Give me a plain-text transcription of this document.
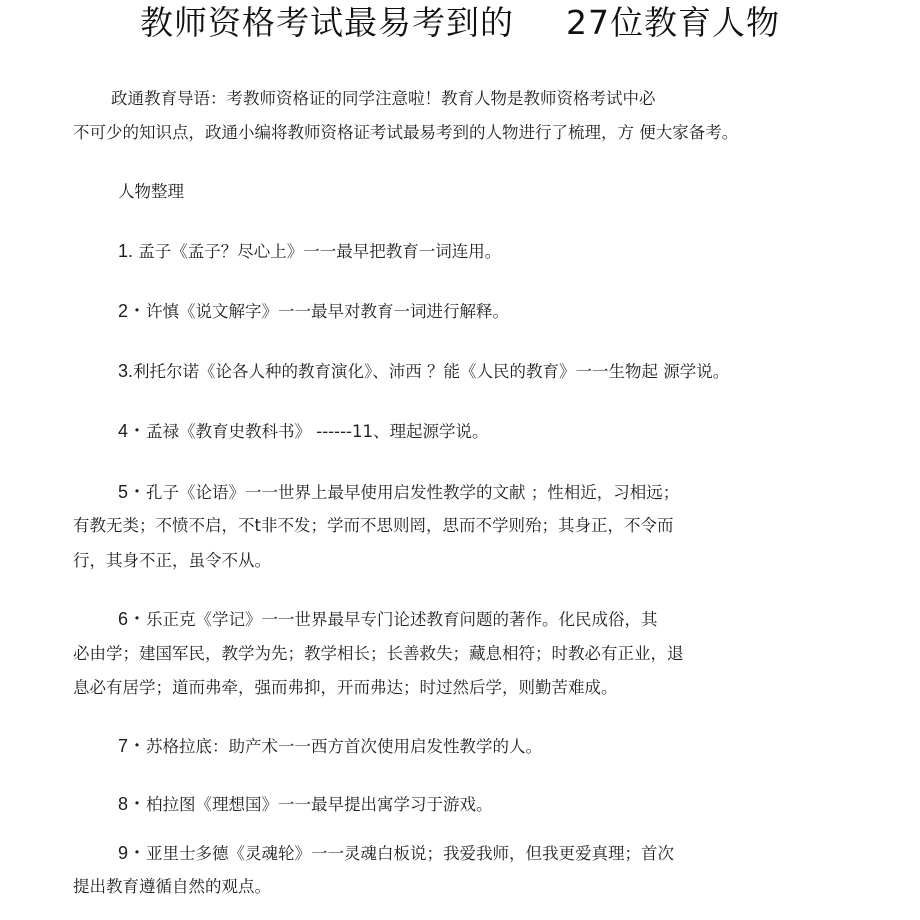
教师资格考试最易考到的 27位教育人物
政通教育导语：考教师资格证的同学注意啦！教育人物是教师资格考试中必
不可少的知识点，政通小编将教师资格证考试最易考到的人物进行了梳理，方 便大家备考。
人物整理
1. 孟子《孟子？尽心上》一一最早把教育一词连用。
2・许慎《说文解字》一一最早对教育一词进行解释。
3.利托尔诺《论各人种的教育演化》、沛西 ？能《人民的教育》一一生物起 源学说。
4・孟禄《教育史教科书》 ------11、理起源学说。
5・孔子《论语》一一世界上最早使用启发性教学的文献 ；性相近，习相远；
有教无类；不愤不启，不t非不发；学而不思则罔，思而不学则殆；其身正，不令而
行，其身不正，虽令不从。
6・乐正克《学记》一一世界最早专门论述教育问题的著作。化民成俗，其
必由学；建国军民，教学为先；教学相长；长善救失；藏息相符；时教必有正业，退
息必有居学；道而弗牵，强而弗抑，开而弗达；时过然后学，则勤苦难成。
7・苏格拉底：助产术一一西方首次使用启发性教学的人。
8・柏拉图《理想国》一一最早提出寓学习于游戏。
9・亚里士多德《灵魂轮》一一灵魂白板说；我爱我师，但我更爱真理；首次
提出教育遵循自然的观点。
